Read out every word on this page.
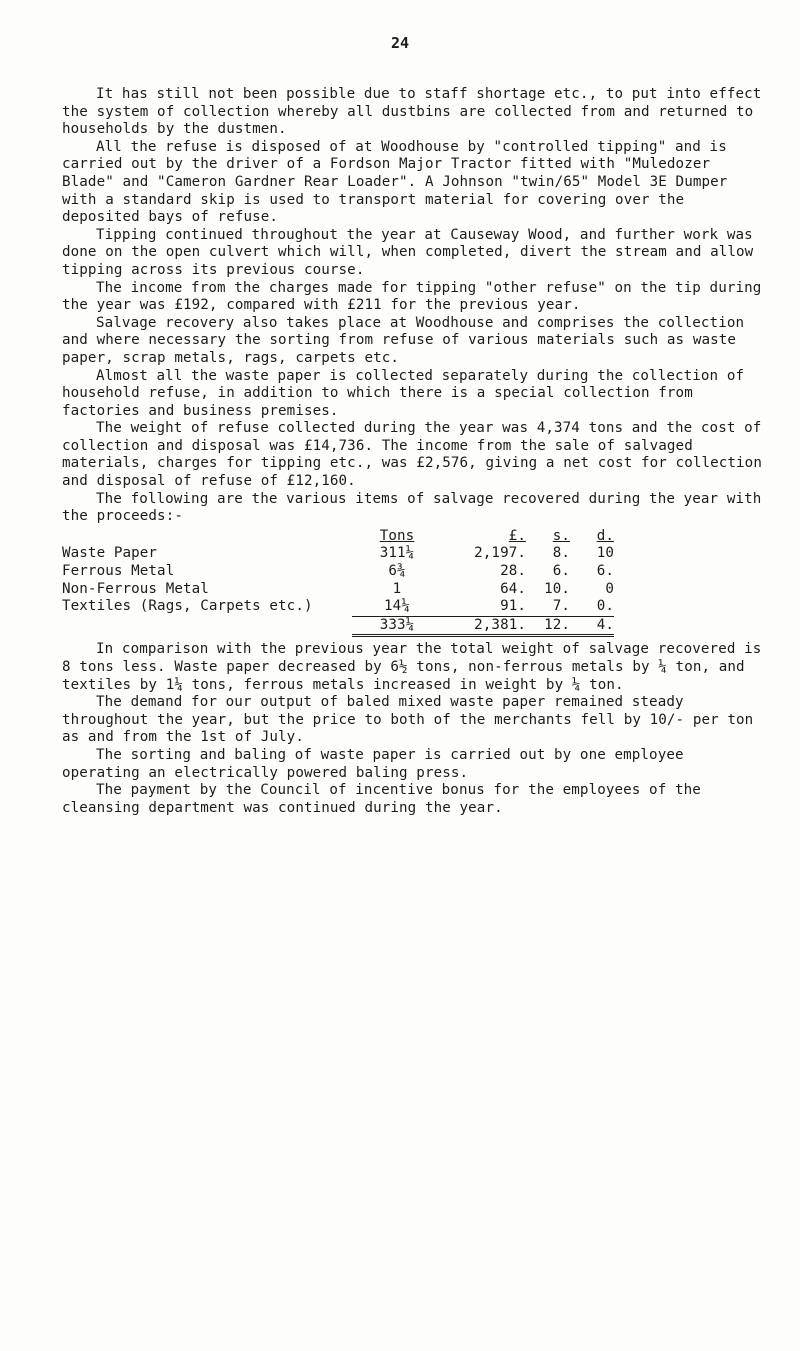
24

It has still not been possible due to staff shortage etc., to put into effect the system of collection whereby all dustbins are collected from and returned to households by the dustmen.

All the refuse is disposed of at Woodhouse by "controlled tipping" and is carried out by the driver of a Fordson Major Tractor fitted with "Muledozer Blade" and "Cameron Gardner Rear Loader". A Johnson "twin/65" Model 3E Dumper with a standard skip is used to transport material for covering over the deposited bays of refuse.

Tipping continued throughout the year at Causeway Wood, and further work was done on the open culvert which will, when completed, divert the stream and allow tipping across its previous course.

The income from the charges made for tipping "other refuse" on the tip during the year was £192, compared with £211 for the previous year.

Salvage recovery also takes place at Woodhouse and comprises the collection and where necessary the sorting from refuse of various materials such as waste paper, scrap metals, rags, carpets etc.

Almost all the waste paper is collected separately during the collection of household refuse, in addition to which there is a special collection from factories and business premises.

The weight of refuse collected during the year was 4,374 tons and the cost of collection and disposal was £14,736. The income from the sale of salvaged materials, charges for tipping etc., was £2,576, giving a net cost for collection and disposal of refuse of £12,160.

The following are the various items of salvage recovered during the year with the proceeds:-

	Tons	£.	s.	d.	
Waste Paper	311¼	2,197.	8.	10	
Ferrous Metal	6¾	28.	6.	6.	
Non-Ferrous Metal	1	64.	10.	0	
Textiles (Rags, Carpets etc.)	14¼	91.	7.	0.	
	333¼	2,381.	12.	4.	

In comparison with the previous year the total weight of salvage recovered is 8 tons less. Waste paper decreased by 6½ tons, non-ferrous metals by ¼ ton, and textiles by 1¼ tons, ferrous metals increased in weight by ¼ ton.

The demand for our output of baled mixed waste paper remained steady throughout the year, but the price to both of the merchants fell by 10/- per ton as and from the 1st of July.

The sorting and baling of waste paper is carried out by one employee operating an electrically powered baling press.

The payment by the Council of incentive bonus for the employees of the cleansing department was continued during the year.
